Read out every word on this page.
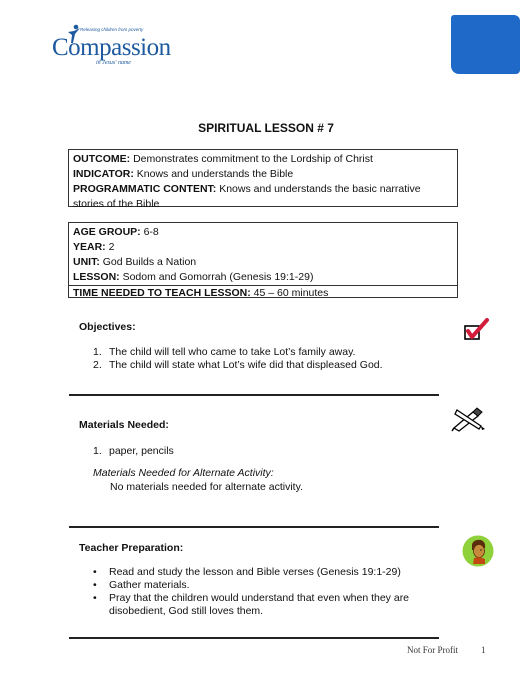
Releasing children from poverty
Compassion
in Jesus' name
SPIRITUAL LESSON # 7
OUTCOME: Demonstrates commitment to the Lordship of Christ
INDICATOR: Knows and understands the Bible
PROGRAMMATIC CONTENT: Knows and understands the basic narrative stories of the Bible
AGE GROUP: 6-8
YEAR: 2
UNIT: God Builds a Nation
LESSON: Sodom and Gomorrah (Genesis 19:1-29)
TIME NEEDED TO TEACH LESSON: 45 – 60 minutes
Objectives:
1. The child will tell who came to take Lot’s family away.
2. The child will state what Lot’s wife did that displeased God.
Materials Needed:
1. paper, pencils
Materials Needed for Alternate Activity:
No materials needed for alternate activity.
Teacher Preparation:
• Read and study the lesson and Bible verses (Genesis 19:1-29)
• Gather materials.
• Pray that the children would understand that even when they are
disobedient, God still loves them.
Not For Profit	1
